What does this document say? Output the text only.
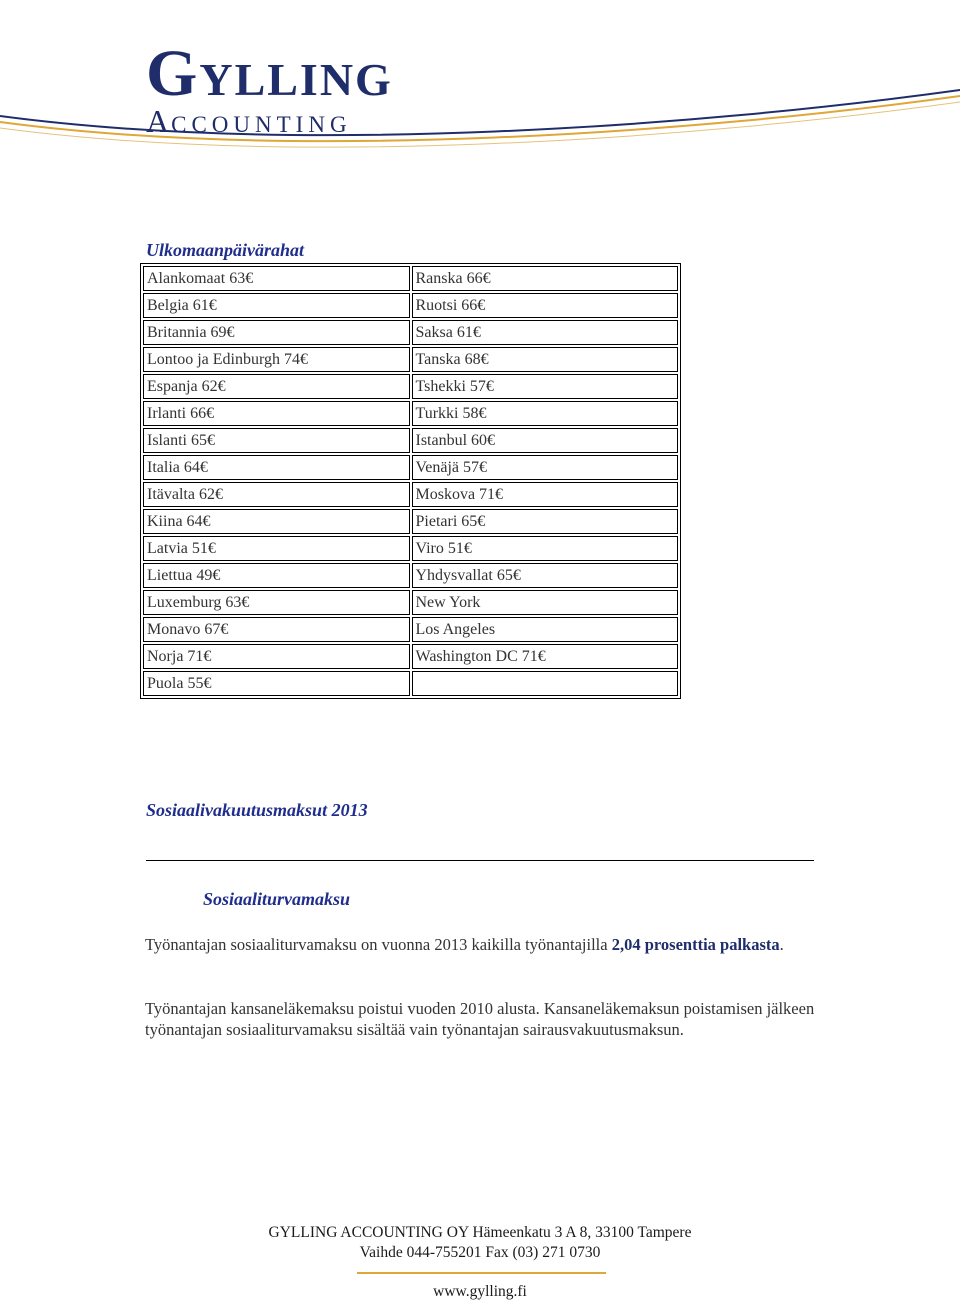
GYLLING
ACCOUNTING
Ulkomaanpäivärahat
Alankomaat 63€	Ranska 66€
Belgia 61€	Ruotsi 66€
Britannia 69€	Saksa 61€
Lontoo ja Edinburgh 74€	Tanska 68€
Espanja 62€	Tshekki 57€
Irlanti 66€	Turkki 58€
Islanti 65€	Istanbul 60€
Italia 64€	Venäjä 57€
Itävalta 62€	Moskova 71€
Kiina 64€	Pietari 65€
Latvia 51€	Viro 51€
Liettua 49€	Yhdysvallat 65€
Luxemburg 63€	New York
Monavo 67€	Los Angeles
Norja 71€	Washington DC 71€
Puola 55€	
Sosiaalivakuutusmaksut 2013
Sosiaaliturvamaksu
Työnantajan sosiaaliturvamaksu on vuonna 2013 kaikilla työnantajilla 2,04 prosenttia palkasta.
Työnantajan kansaneläkemaksu poistui vuoden 2010 alusta. Kansaneläkemaksun poistamisen jälkeen työnantajan sosiaaliturvamaksu sisältää vain työnantajan sairausvakuutusmaksun.
GYLLING ACCOUNTING OY Hämeenkatu 3 A 8, 33100 Tampere
Vaihde 044-755201 Fax (03) 271 0730
www.gylling.fi
